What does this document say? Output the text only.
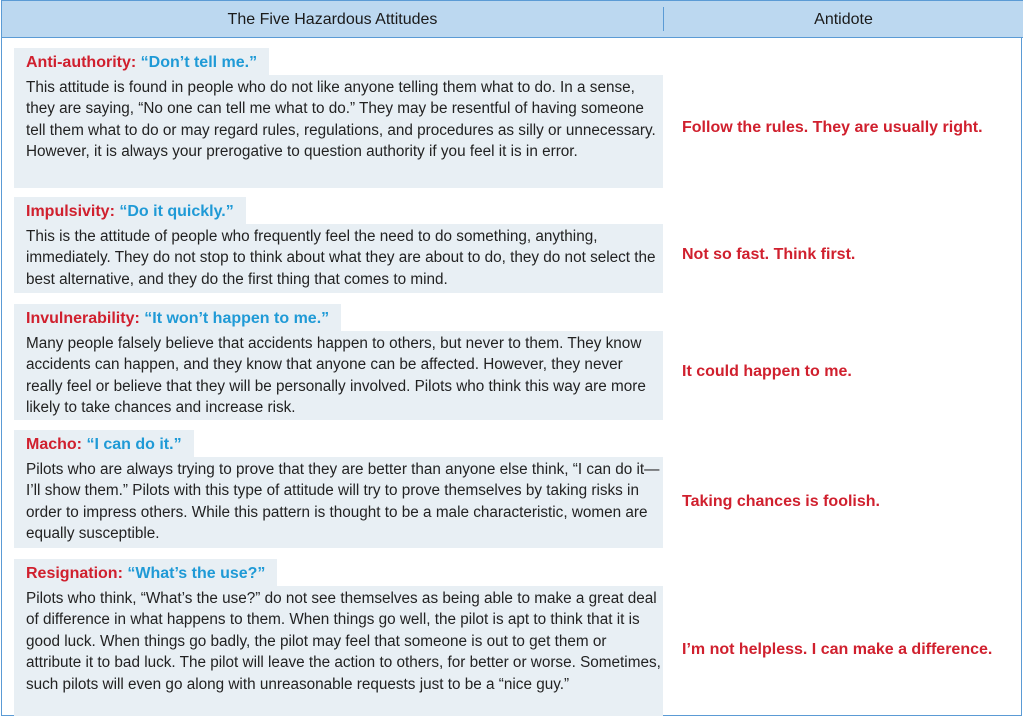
The Five Hazardous Attitudes	Antidote
Anti-authority: “Don’t tell me.”
This attitude is found in people who do not like anyone telling them what to do. In a sense, they are saying, “No one can tell me what to do.” They may be resentful of having someone tell them what to do or may regard rules, regulations, and procedures as silly or unnecessary. However, it is always your prerogative to question authority if you feel it is in error.
Follow the rules. They are usually right.
Impulsivity: “Do it quickly.”
This is the attitude of people who frequently feel the need to do something, anything, immediately. They do not stop to think about what they are about to do, they do not select the best alternative, and they do the first thing that comes to mind.
Not so fast. Think first.
Invulnerability: “It won’t happen to me.”
Many people falsely believe that accidents happen to others, but never to them. They know accidents can happen, and they know that anyone can be affected. However, they never really feel or believe that they will be personally involved. Pilots who think this way are more likely to take chances and increase risk.
It could happen to me.
Macho: “I can do it.”
Pilots who are always trying to prove that they are better than anyone else think, “I can do it—I’ll show them.” Pilots with this type of attitude will try to prove themselves by taking risks in order to impress others. While this pattern is thought to be a male characteristic, women are equally susceptible.
Taking chances is foolish.
Resignation: “What’s the use?”
Pilots who think, “What’s the use?” do not see themselves as being able to make a great deal of difference in what happens to them. When things go well, the pilot is apt to think that it is good luck. When things go badly, the pilot may feel that someone is out to get them or attribute it to bad luck. The pilot will leave the action to others, for better or worse. Sometimes, such pilots will even go along with unreasonable requests just to be a “nice guy.”
I’m not helpless. I can make a difference.
